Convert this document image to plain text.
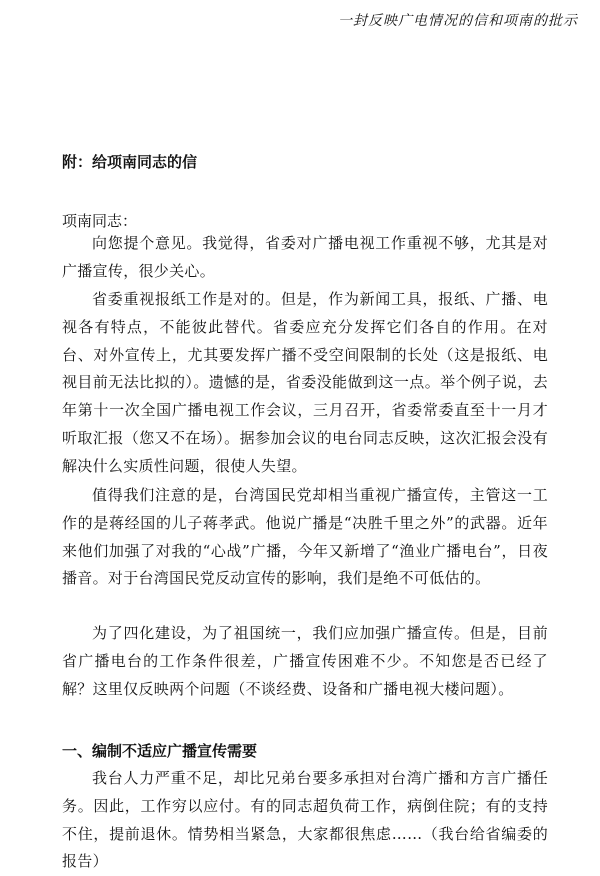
一封反映广电情况的信和项南的批示
附：给项南同志的信
项南同志：

向您提个意见。我觉得，省委对广播电视工作重视不够，尤其是对广播宣传，很少关心。

省委重视报纸工作是对的。但是，作为新闻工具，报纸、广播、电视各有特点，不能彼此替代。省委应充分发挥它们各自的作用。在对台、对外宣传上，尤其要发挥广播不受空间限制的长处（这是报纸、电视目前无法比拟的）。遗憾的是，省委没能做到这一点。举个例子说，去年第十一次全国广播电视工作会议，三月召开，省委常委直至十一月才听取汇报（您又不在场）。据参加会议的电台同志反映，这次汇报会没有解决什么实质性问题，很使人失望。

值得我们注意的是，台湾国民党却相当重视广播宣传，主管这一工作的是蒋经国的儿子蒋孝武。他说广播是“决胜千里之外”的武器。近年来他们加强了对我的“心战”广播，今年又新增了“渔业广播电台”，日夜播音。对于台湾国民党反动宣传的影响，我们是绝不可低估的。

为了四化建设，为了祖国统一，我们应加强广播宣传。但是，目前省广播电台的工作条件很差，广播宣传困难不少。不知您是否已经了解？这里仅反映两个问题（不谈经费、设备和广播电视大楼问题）。

一、编制不适应广播宣传需要

我台人力严重不足，却比兄弟台要多承担对台湾广播和方言广播任务。因此，工作穷以应付。有的同志超负荷工作，病倒住院；有的支持不住，提前退休。情势相当紧急，大家都很焦虑……（我台给省编委的报告）
